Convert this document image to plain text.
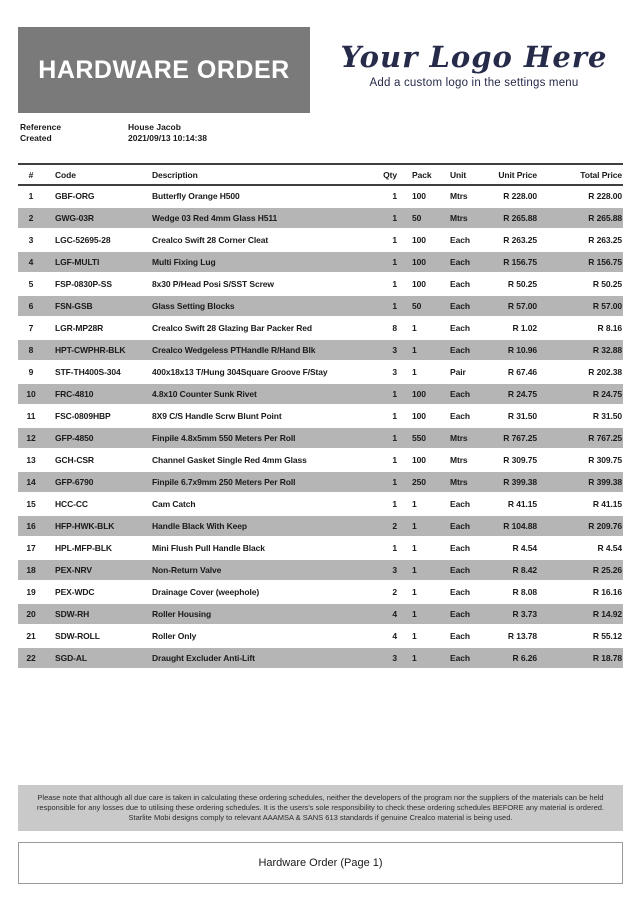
HARDWARE ORDER	Your Logo Here
Add a custom logo in the settings menu
Reference	House Jacob
Created	2021/09/13 10:14:38
#	Code	Description	Qty	Pack	Unit	Unit Price	Total Price
1	GBF-ORG	Butterfly Orange H500	1	100	Mtrs	R 228.00	R 228.00
2	GWG-03R	Wedge 03 Red 4mm Glass H511	1	50	Mtrs	R 265.88	R 265.88
3	LGC-52695-28	Crealco Swift 28 Corner Cleat	1	100	Each	R 263.25	R 263.25
4	LGF-MULTI	Multi Fixing Lug	1	100	Each	R 156.75	R 156.75
5	FSP-0830P-SS	8x30 P/Head Posi S/SST Screw	1	100	Each	R 50.25	R 50.25
6	FSN-GSB	Glass Setting Blocks	1	50	Each	R 57.00	R 57.00
7	LGR-MP28R	Crealco Swift 28 Glazing Bar Packer Red	8	1	Each	R 1.02	R 8.16
8	HPT-CWPHR-BLK	Crealco Wedgeless PTHandle R/Hand Blk	3	1	Each	R 10.96	R 32.88
9	STF-TH400S-304	400x18x13 T/Hung 304Square Groove F/Stay	3	1	Pair	R 67.46	R 202.38
10	FRC-4810	4.8x10 Counter Sunk Rivet	1	100	Each	R 24.75	R 24.75
11	FSC-0809HBP	8X9 C/S Handle Scrw Blunt Point	1	100	Each	R 31.50	R 31.50
12	GFP-4850	Finpile 4.8x5mm 550 Meters Per Roll	1	550	Mtrs	R 767.25	R 767.25
13	GCH-CSR	Channel Gasket Single Red 4mm Glass	1	100	Mtrs	R 309.75	R 309.75
14	GFP-6790	Finpile 6.7x9mm 250 Meters Per Roll	1	250	Mtrs	R 399.38	R 399.38
15	HCC-CC	Cam Catch	1	1	Each	R 41.15	R 41.15
16	HFP-HWK-BLK	Handle Black With Keep	2	1	Each	R 104.88	R 209.76
17	HPL-MFP-BLK	Mini Flush Pull Handle Black	1	1	Each	R 4.54	R 4.54
18	PEX-NRV	Non-Return Valve	3	1	Each	R 8.42	R 25.26
19	PEX-WDC	Drainage Cover (weephole)	2	1	Each	R 8.08	R 16.16
20	SDW-RH	Roller Housing	4	1	Each	R 3.73	R 14.92
21	SDW-ROLL	Roller Only	4	1	Each	R 13.78	R 55.12
22	SGD-AL	Draught Excluder Anti-Lift	3	1	Each	R 6.26	R 18.78
Please note that although all due care is taken in calculating these ordering schedules, neither the developers of the program nor the suppliers of the materials can be held responsible for any losses due to utilising these ordering schedules. It is the users's sole responsibility to check these ordering schedules BEFORE any material is ordered. Starlite Mobi designs comply to relevant AAAMSA & SANS 613 standards if genuine Crealco material is being used.
Hardware Order (Page 1)
